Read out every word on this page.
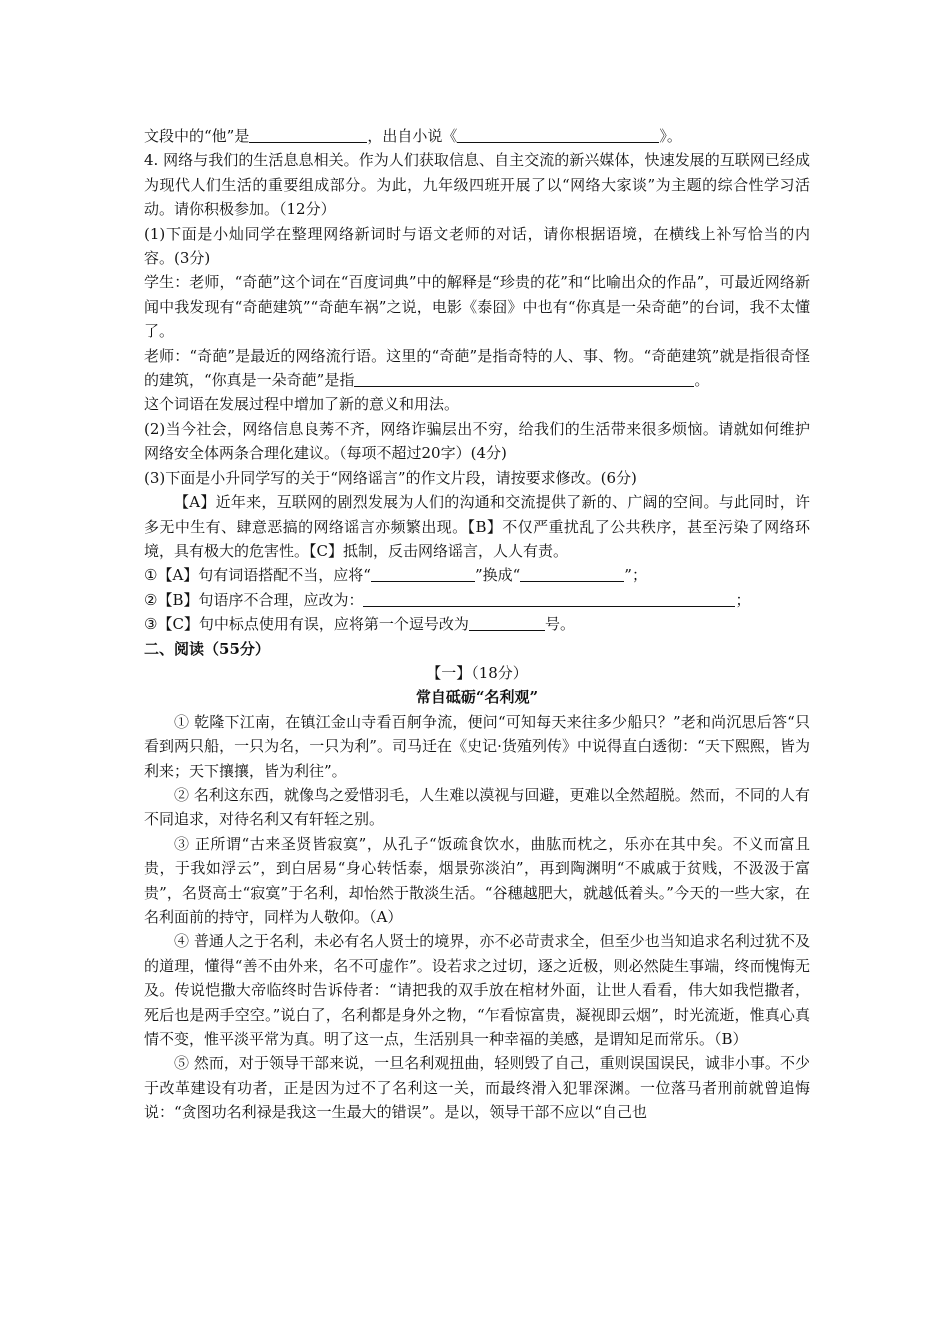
文段中的“他”是	，出自小说《	》。

4. 网络与我们的生活息息相关。作为人们获取信息、自主交流的新兴媒体，快速发展的互联网已经成为现代人们生活的重要组成部分。为此，九年级四班开展了以“网络大家谈”为主题的综合性学习活动。请你积极参加。（12分）

(1)下面是小灿同学在整理网络新词时与语文老师的对话，请你根据语境，在横线上补写恰当的内容。(3分)

学生：老师，“奇葩”这个词在“百度词典”中的解释是“珍贵的花”和“比喻出众的作品”，可最近网络新闻中我发现有“奇葩建筑”“奇葩车祸”之说，电影《泰囧》中也有“你真是一朵奇葩”的台词，我不太懂了。

老师：“奇葩”是最近的网络流行语。这里的“奇葩”是指奇特的人、事、物。“奇葩建筑”就是指很奇怪的建筑，“你真是一朵奇葩”是指	。

这个词语在发展过程中增加了新的意义和用法。

(2)当今社会，网络信息良莠不齐，网络诈骗层出不穷，给我们的生活带来很多烦恼。请就如何维护网络安全体两条合理化建议。（每项不超过20字）(4分)

(3)下面是小升同学写的关于“网络谣言”的作文片段，请按要求修改。(6分)

【A】近年来，互联网的剧烈发展为人们的沟通和交流提供了新的、广阔的空间。与此同时，许多无中生有、肆意恶搞的网络谣言亦频繁出现。【B】不仅严重扰乱了公共秩序，甚至污染了网络环境，具有极大的危害性。【C】抵制，反击网络谣言，人人有责。

①【A】句有词语搭配不当，应将“	”换成“	”；

②【B】句语序不合理，应改为：	；

③【C】句中标点使用有误，应将第一个逗号改为	号。

二、阅读（55分）

【一】（18分）

常自砥砺“名利观”

① 乾隆下江南，在镇江金山寺看百舸争流，便问“可知每天来往多少船只？”老和尚沉思后答“只看到两只船，一只为名，一只为利”。司马迁在《史记·货殖列传》中说得直白透彻：“天下熙熙，皆为利来；天下攘攘，皆为利往”。

② 名利这东西，就像鸟之爱惜羽毛，人生难以漠视与回避，更难以全然超脱。然而，不同的人有不同追求，对待名利又有轩轾之别。

③ 正所谓“古来圣贤皆寂寞”，从孔子“饭疏食饮水，曲肱而枕之，乐亦在其中矣。不义而富且贵，于我如浮云”，到白居易“身心转恬泰，烟景弥淡泊”，再到陶渊明“不戚戚于贫贱，不汲汲于富贵”，名贤高士“寂寞”于名利，却怡然于散淡生活。“谷穗越肥大，就越低着头。”今天的一些大家，在名利面前的持守，同样为人敬仰。（A）

④ 普通人之于名利，未必有名人贤士的境界，亦不必苛责求全，但至少也当知追求名利过犹不及的道理，懂得“善不由外来，名不可虚作”。设若求之过切，逐之近极，则必然陡生事端，终而愧悔无及。传说恺撒大帝临终时告诉侍者：“请把我的双手放在棺材外面，让世人看看，伟大如我恺撒者，死后也是两手空空。”说白了，名利都是身外之物，“乍看惊富贵，凝视即云烟”，时光流逝，惟真心真情不变，惟平淡平常为真。明了这一点，生活别具一种幸福的美感，是谓知足而常乐。（B）

⑤ 然而，对于领导干部来说，一旦名利观扭曲，轻则毁了自己，重则误国误民，诚非小事。不少于改革建设有功者，正是因为过不了名利这一关，而最终滑入犯罪深渊。一位落马者刑前就曾追悔说：“贪图功名利禄是我这一生最大的错误”。是以，领导干部不应以“自己也
